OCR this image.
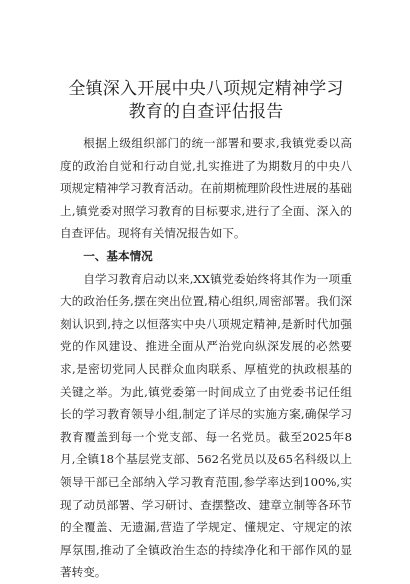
全镇深入开展中央八项规定精神学习教育的自查评估报告

根据上级组织部门的统一部署和要求,我镇党委以高度的政治自觉和行动自觉,扎实推进了为期数月的中央八项规定精神学习教育活动。在前期梳理阶段性进展的基础上,镇党委对照学习教育的目标要求,进行了全面、深入的自查评估。现将有关情况报告如下。

一、基本情况

自学习教育启动以来,XX镇党委始终将其作为一项重大的政治任务,摆在突出位置,精心组织,周密部署。我们深刻认识到,持之以恒落实中央八项规定精神,是新时代加强党的作风建设、推进全面从严治党向纵深发展的必然要求,是密切党同人民群众血肉联系、厚植党的执政根基的关键之举。为此,镇党委第一时间成立了由党委书记任组长的学习教育领导小组,制定了详尽的实施方案,确保学习教育覆盖到每一个党支部、每一名党员。截至2025年8月,全镇18个基层党支部、562名党员以及65名科级以上领导干部已全部纳入学习教育范围,参学率达到100%,实现了动员部署、学习研讨、查摆整改、建章立制等各环节的全覆盖、无遗漏,营造了学规定、懂规定、守规定的浓厚氛围,推动了全镇政治生态的持续净化和干部作风的显著转变。
